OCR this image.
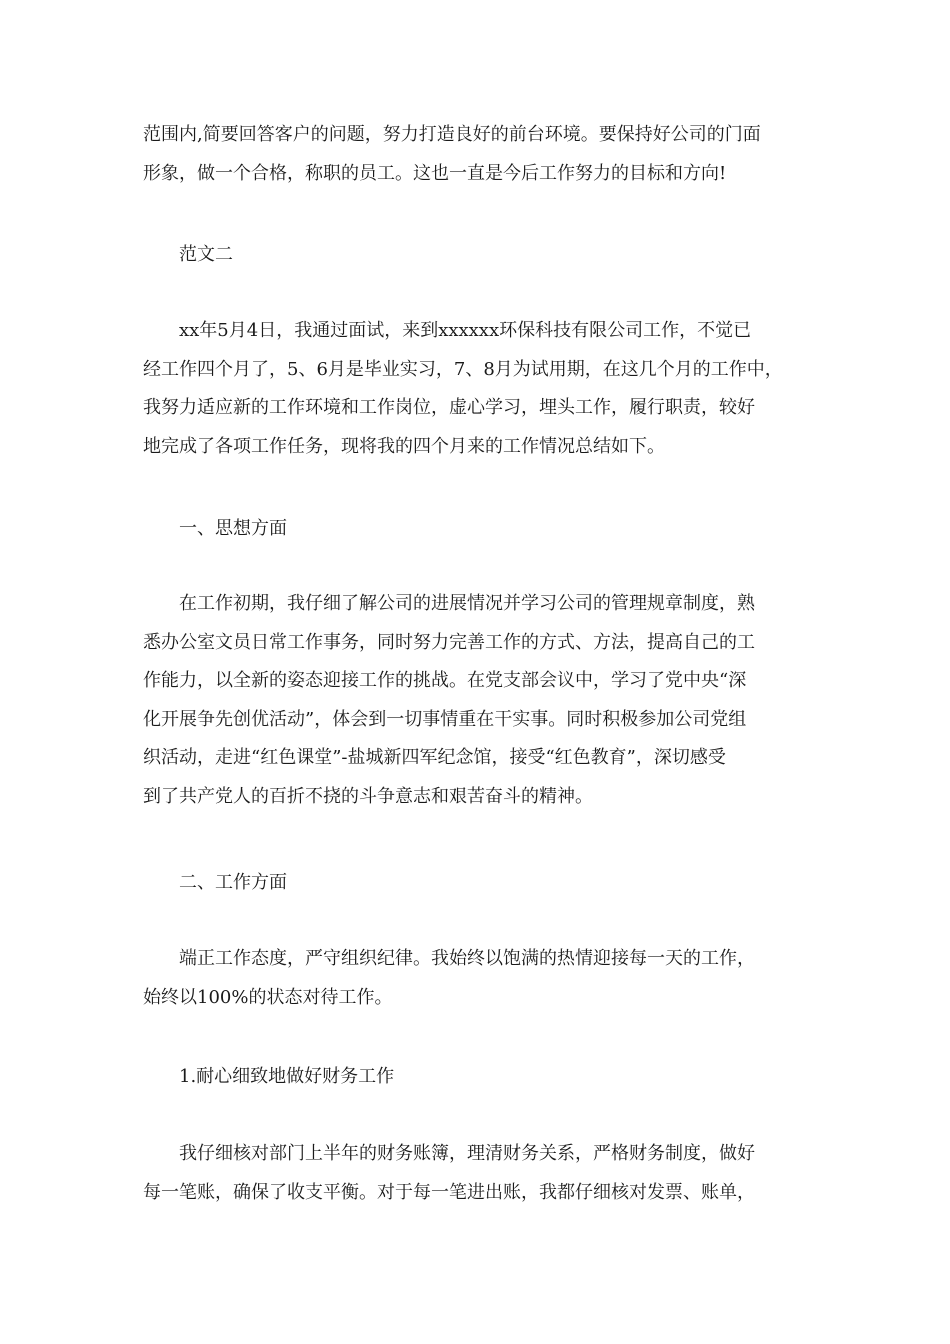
范围内,简要回答客户的问题，努力打造良好的前台环境。要保持好公司的门面
形象，做一个合格，称职的员工。这也一直是今后工作努力的目标和方向!
范文二
xx年5月4日，我通过面试，来到xxxxxx环保科技有限公司工作，不觉已
经工作四个月了，5、6月是毕业实习，7、8月为试用期，在这几个月的工作中，
我努力适应新的工作环境和工作岗位，虚心学习，埋头工作，履行职责，较好
地完成了各项工作任务，现将我的四个月来的工作情况总结如下。
一、思想方面
在工作初期，我仔细了解公司的进展情况并学习公司的管理规章制度，熟
悉办公室文员日常工作事务，同时努力完善工作的方式、方法，提高自己的工
作能力，以全新的姿态迎接工作的挑战。在党支部会议中，学习了党中央“深
化开展争先创优活动”，体会到一切事情重在干实事。同时积极参加公司党组
织活动，走进“红色课堂”-盐城新四军纪念馆，接受“红色教育”，深切感受
到了共产党人的百折不挠的斗争意志和艰苦奋斗的精神。
二、工作方面
端正工作态度，严守组织纪律。我始终以饱满的热情迎接每一天的工作，
始终以100%的状态对待工作。
1.耐心细致地做好财务工作
我仔细核对部门上半年的财务账簿，理清财务关系，严格财务制度，做好
每一笔账，确保了收支平衡。对于每一笔进出账，我都仔细核对发票、账单，
